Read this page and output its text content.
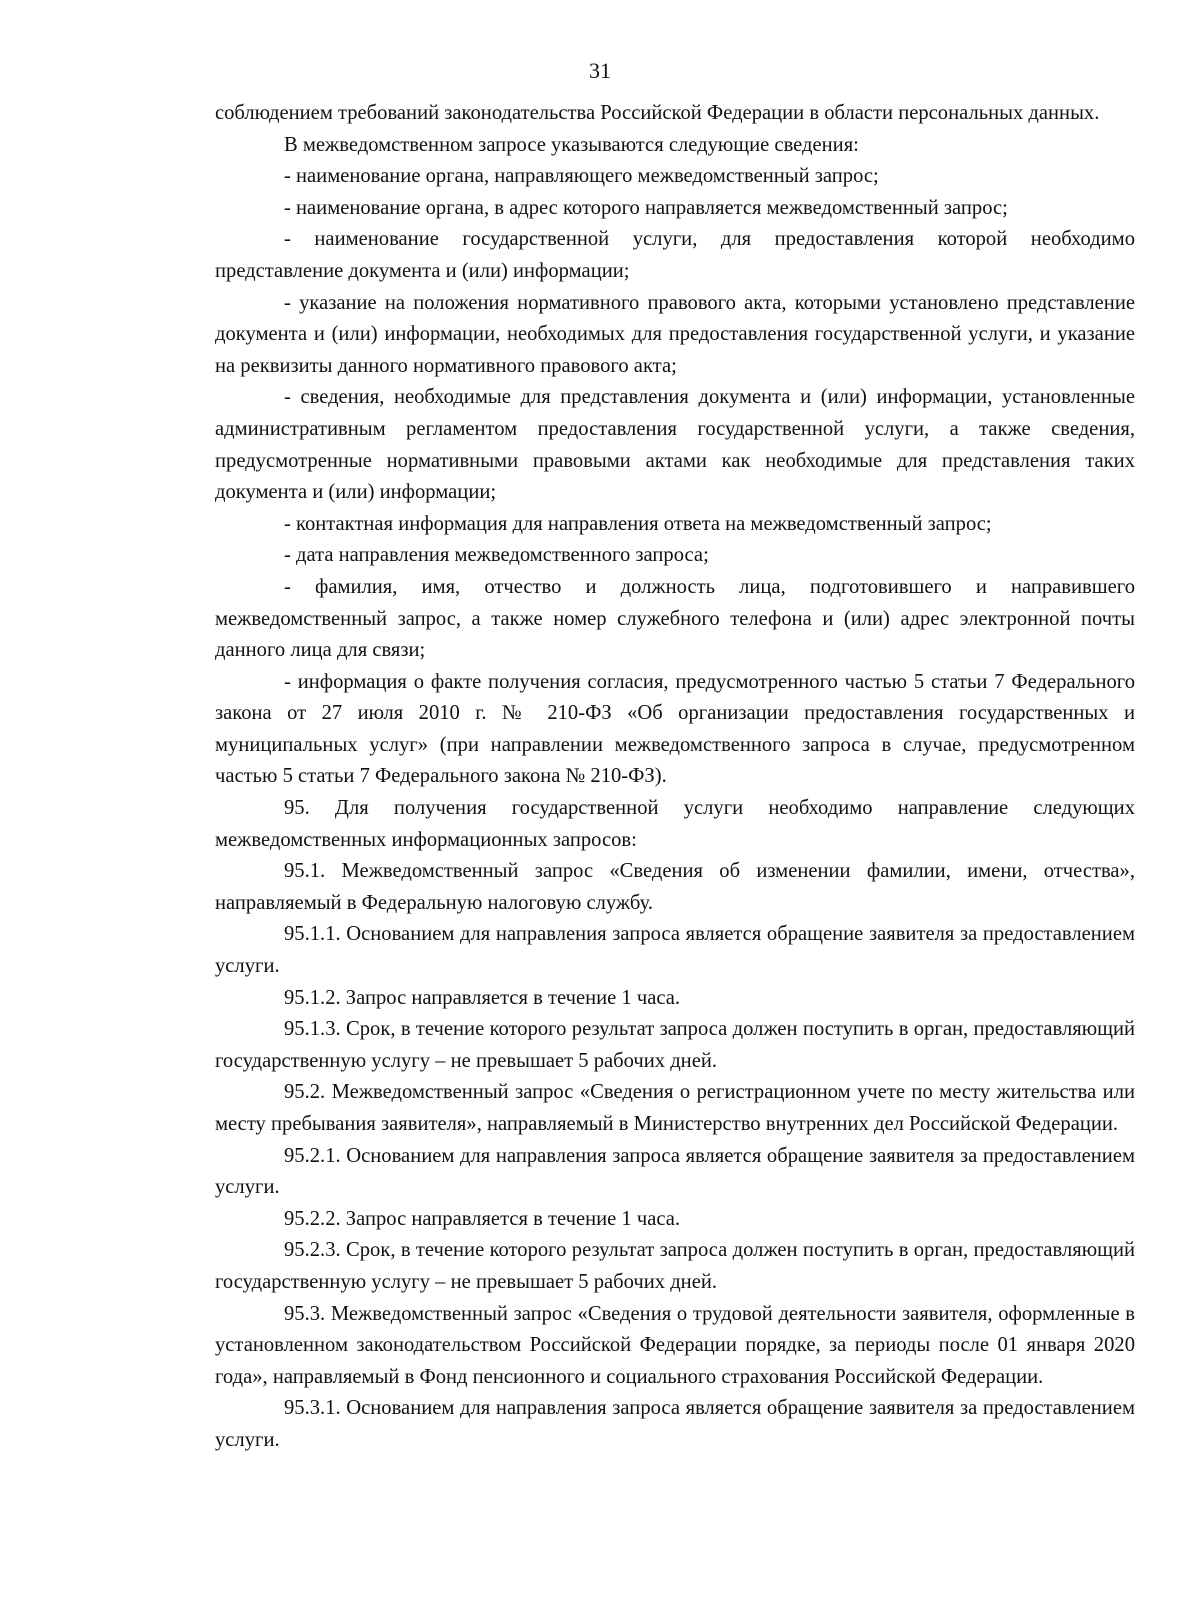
31

соблюдением требований законодательства Российской Федерации в области персональных данных.

В межведомственном запросе указываются следующие сведения:

- наименование органа, направляющего межведомственный запрос;

- наименование органа, в адрес которого направляется межведомственный запрос;

- наименование государственной услуги, для предоставления которой необходимо представление документа и (или) информации;

- указание на положения нормативного правового акта, которыми установлено представление документа и (или) информации, необходимых для предоставления государственной услуги, и указание на реквизиты данного нормативного правового акта;

- сведения, необходимые для представления документа и (или) информации, установленные административным регламентом предоставления государственной услуги, а также сведения, предусмотренные нормативными правовыми актами как необходимые для представления таких документа и (или) информации;

- контактная информация для направления ответа на межведомственный запрос;

- дата направления межведомственного запроса;

- фамилия, имя, отчество и должность лица, подготовившего и направившего межведомственный запрос, а также номер служебного телефона и (или) адрес электронной почты данного лица для связи;

- информация о факте получения согласия, предусмотренного частью 5 статьи 7 Федерального закона от 27 июля 2010 г. № 210-ФЗ «Об организации предоставления государственных и муниципальных услуг» (при направлении межведомственного запроса в случае, предусмотренном частью 5 статьи 7 Федерального закона № 210-ФЗ).

95. Для получения государственной услуги необходимо направление следующих межведомственных информационных запросов:

95.1. Межведомственный запрос «Сведения об изменении фамилии, имени, отчества», направляемый в Федеральную налоговую службу.

95.1.1. Основанием для направления запроса является обращение заявителя за предоставлением услуги.

95.1.2. Запрос направляется в течение 1 часа.

95.1.3. Срок, в течение которого результат запроса должен поступить в орган, предоставляющий государственную услугу – не превышает 5 рабочих дней.

95.2. Межведомственный запрос «Сведения о регистрационном учете по месту жительства или месту пребывания заявителя», направляемый в Министерство внутренних дел Российской Федерации.

95.2.1. Основанием для направления запроса является обращение заявителя за предоставлением услуги.

95.2.2. Запрос направляется в течение 1 часа.

95.2.3. Срок, в течение которого результат запроса должен поступить в орган, предоставляющий государственную услугу – не превышает 5 рабочих дней.

95.3. Межведомственный запрос «Сведения о трудовой деятельности заявителя, оформленные в установленном законодательством Российской Федерации порядке, за периоды после 01 января 2020 года», направляемый в Фонд пенсионного и социального страхования Российской Федерации.

95.3.1. Основанием для направления запроса является обращение заявителя за предоставлением услуги.
